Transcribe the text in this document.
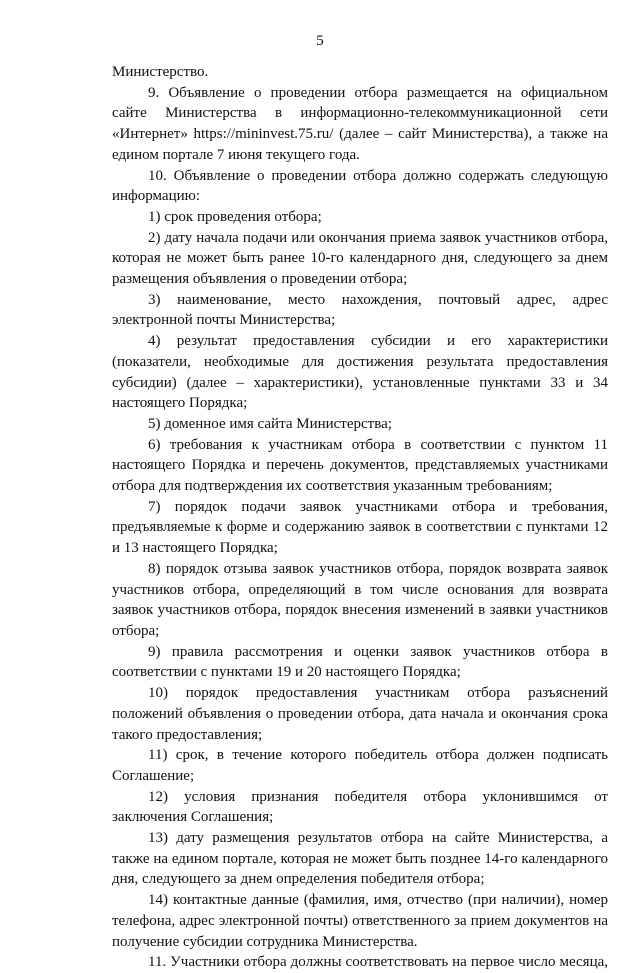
5

Министерство.

9. Объявление о проведении отбора размещается на официальном сайте Министерства в информационно-телекоммуникационной сети «Интернет» https://mininvest.75.ru/ (далее – сайт Министерства), а также на едином портале 7 июня текущего года.

10. Объявление о проведении отбора должно содержать следующую информацию:

1) срок проведения отбора;

2) дату начала подачи или окончания приема заявок участников отбора, которая не может быть ранее 10-го календарного дня, следующего за днем размещения объявления о проведении отбора;

3) наименование, место нахождения, почтовый адрес, адрес электронной почты Министерства;

4) результат предоставления субсидии и его характеристики (показатели, необходимые для достижения результата предоставления субсидии) (далее – характеристики), установленные пунктами 33 и 34 настоящего Порядка;

5) доменное имя сайта Министерства;

6) требования к участникам отбора в соответствии с пунктом 11 настоящего Порядка и перечень документов, представляемых участниками отбора для подтверждения их соответствия указанным требованиям;

7) порядок подачи заявок участниками отбора и требования, предъявляемые к форме и содержанию заявок в соответствии с пунктами 12 и 13 настоящего Порядка;

8) порядок отзыва заявок участников отбора, порядок возврата заявок участников отбора, определяющий в том числе основания для возврата заявок участников отбора, порядок внесения изменений в заявки участников отбора;

9) правила рассмотрения и оценки заявок участников отбора в соответствии с пунктами 19 и 20 настоящего Порядка;

10) порядок предоставления участникам отбора разъяснений положений объявления о проведении отбора, дата начала и окончания срока такого предоставления;

11) срок, в течение которого победитель отбора должен подписать Соглашение;

12) условия признания победителя отбора уклонившимся от заключения Соглашения;

13) дату размещения результатов отбора на сайте Министерства, а также на едином портале, которая не может быть позднее 14-го календарного дня, следующего за днем определения победителя отбора;

14) контактные данные (фамилия, имя, отчество (при наличии), номер телефона, адрес электронной почты) ответственного за прием документов на получение субсидии сотрудника Министерства.

11. Участники отбора должны соответствовать на первое число месяца,
